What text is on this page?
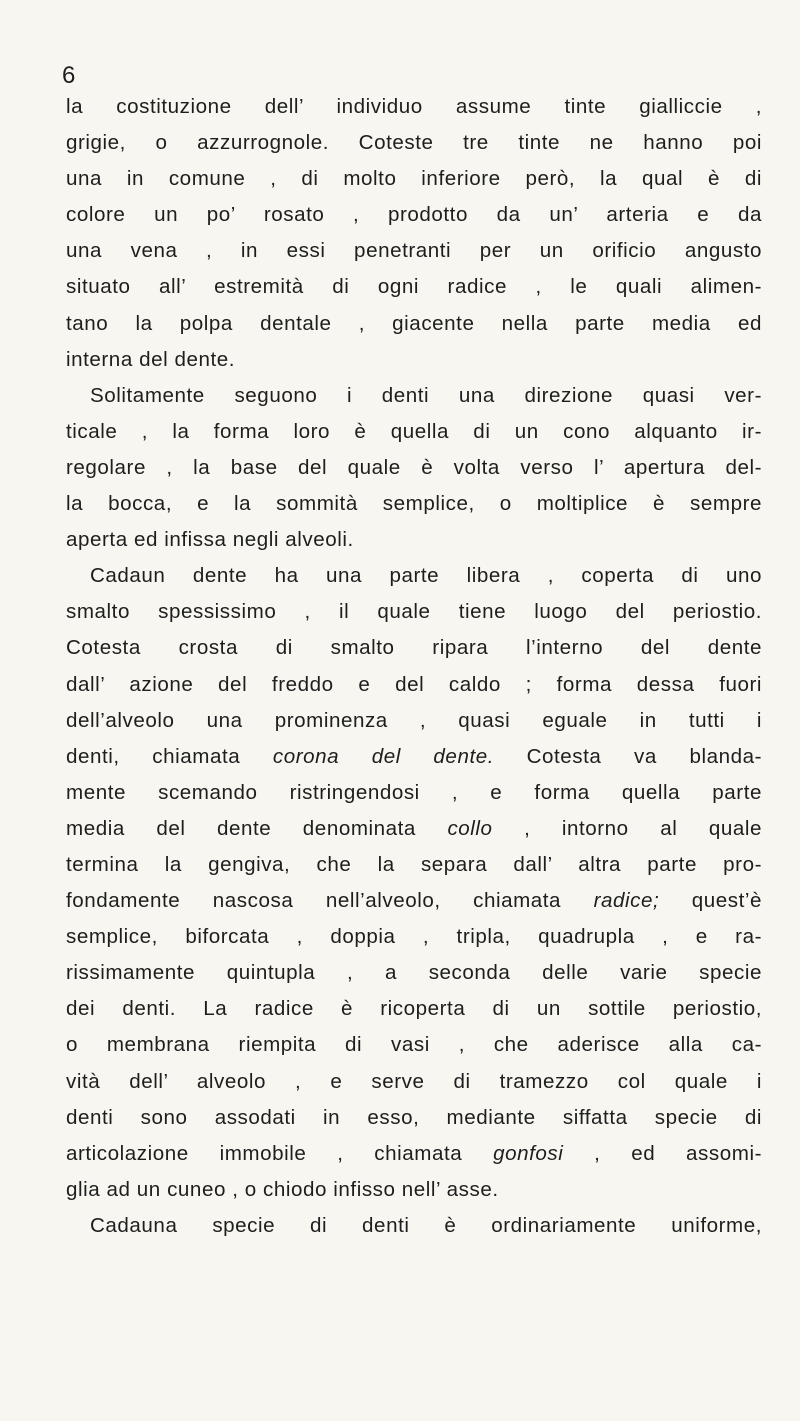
6
la costituzione dell’ individuo assume tinte gialliccie ,
grigie, o azzurrognole. Coteste tre tinte ne hanno poi
una in comune , di molto inferiore però, la qual è di
colore un po’ rosato , prodotto da un’ arteria e da
una vena , in essi penetranti per un orificio angusto
situato all’ estremità di ogni radice , le quali alimen-
tano la polpa dentale , giacente nella parte media ed
interna del dente.
Solitamente seguono i denti una direzione quasi ver-
ticale , la forma loro è quella di un cono alquanto ir-
regolare , la base del quale è volta verso l’ apertura del-
la bocca, e la sommità semplice, o moltiplice è sempre
aperta ed infissa negli alveoli.
Cadaun dente ha una parte libera , coperta di uno
smalto spessissimo , il quale tiene luogo del periostio.
Cotesta crosta di smalto ripara l’interno del dente
dall’ azione del freddo e del caldo ; forma dessa fuori
dell’alveolo una prominenza , quasi eguale in tutti i
denti, chiamata corona del dente. Cotesta va blanda-
mente scemando ristringendosi , e forma quella parte
media del dente denominata collo , intorno al quale
termina la gengiva, che la separa dall’ altra parte pro-
fondamente nascosa nell’alveolo, chiamata radice; quest’è
semplice, biforcata , doppia , tripla, quadrupla , e ra-
rissimamente quintupla , a seconda delle varie specie
dei denti. La radice è ricoperta di un sottile periostio,
o membrana riempita di vasi , che aderisce alla ca-
vità dell’ alveolo , e serve di tramezzo col quale i
denti sono assodati in esso, mediante siffatta specie di
articolazione immobile , chiamata gonfosi , ed assomi-
glia ad un cuneo , o chiodo infisso nell’ asse.
Cadauna specie di denti è ordinariamente uniforme,
